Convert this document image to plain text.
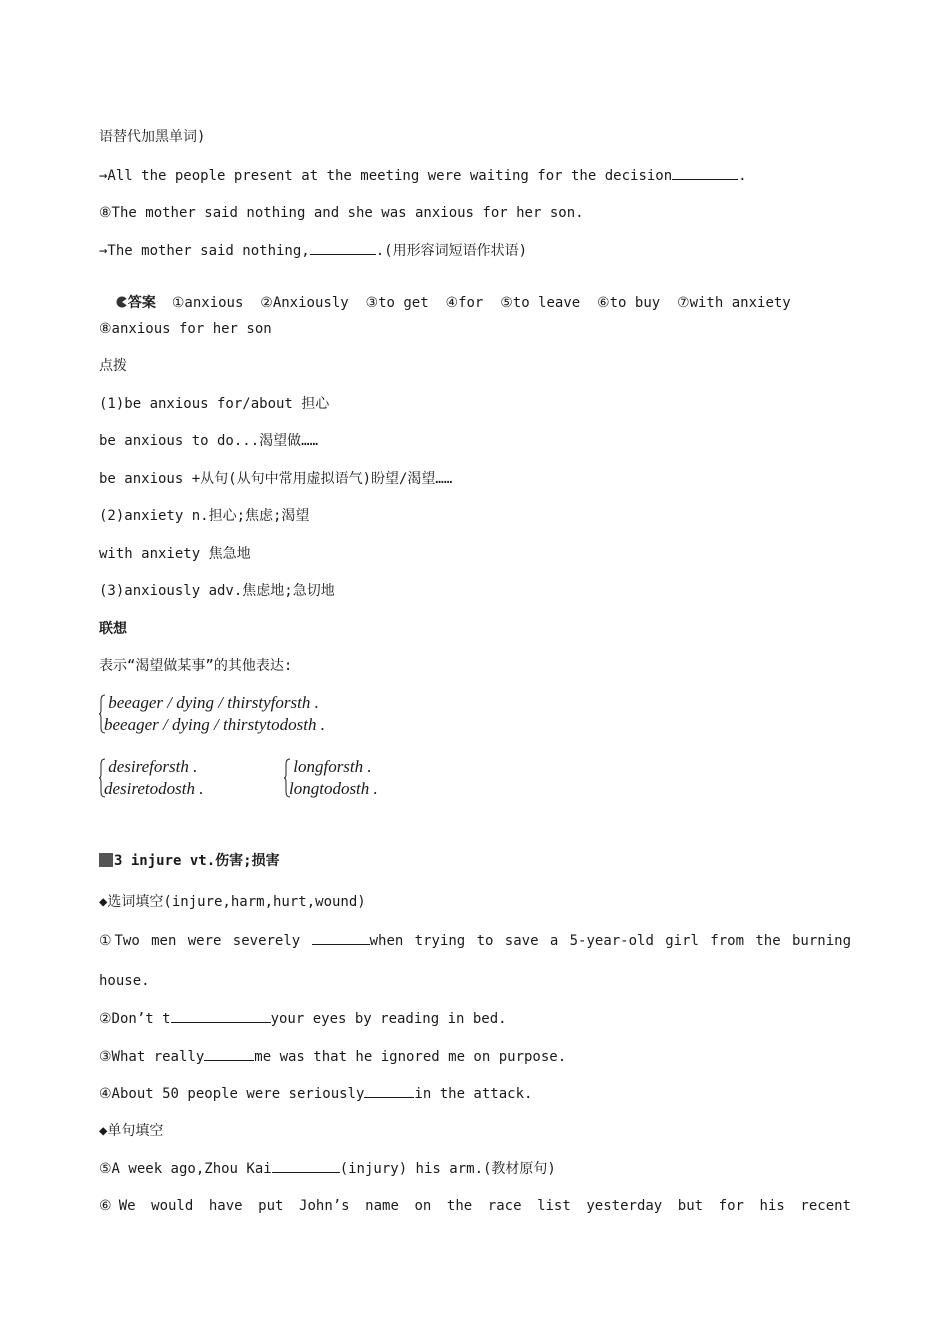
语替代加黑单词)
→All the people present at the meeting were waiting for the decision	.
⑧The mother said nothing and she was anxious for her son.
→The mother said nothing,	.(用形容词短语作状语)

答案 ①anxious  ②Anxiously  ③to get  ④for  ⑤to leave  ⑥to buy  ⑦with anxiety

⑧anxious for her son
点拨
(1)be anxious for/about 担心
be anxious to do...渴望做……
be anxious +从句(从句中常用虚拟语气)盼望/渴望……
(2)anxiety n.担心;焦虑;渴望
with anxiety 焦急地
(3)anxiously adv.焦虑地;急切地
联想
表示“渴望做某事”的其他表达:
beeager / dying / thirstyforsth .
beeager / dying / thirstytodosth .
desireforsth .
desiretodosth .
longforsth .
longtodosth .
3 injure vt.伤害;损害
◆选词填空(injure,harm,hurt,wound)
①Two men were severely	when trying to save a 5-year-old girl from the burning
house.
②Don’t t	your eyes by reading in bed.
③What really	me was that he ignored me on purpose.
④About 50 people were seriously	in the attack.
◆单句填空
⑤A week ago,Zhou Kai	(injury) his arm.(教材原句)
⑥We would have put John’s name on the race list yesterday but for his recent
